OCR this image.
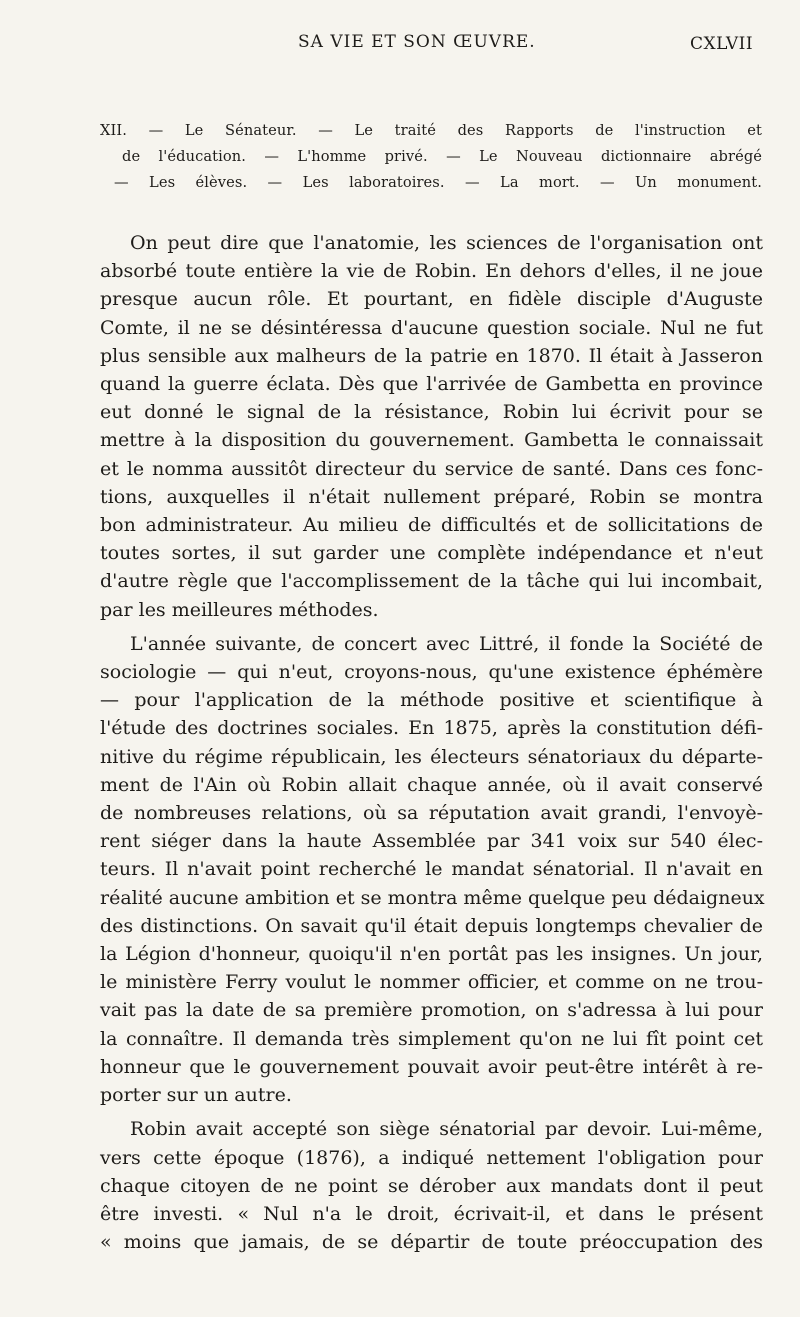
SA VIE ET SON ŒUVRE.	CXLVII
XII. — Le Sénateur. — Le traité des Rapports de l'instruction et
de l'éducation. — L'homme privé. — Le Nouveau dictionnaire abrégé
— Les élèves. — Les laboratoires. — La mort. — Un monument.

On peut dire que l'anatomie, les sciences de l'organisation ont
absorbé toute entière la vie de Robin. En dehors d'elles, il ne joue
presque aucun rôle. Et pourtant, en fidèle disciple d'Auguste
Comte, il ne se désintéressa d'aucune question sociale. Nul ne fut
plus sensible aux malheurs de la patrie en 1870. Il était à Jasseron
quand la guerre éclata. Dès que l'arrivée de Gambetta en province
eut donné le signal de la résistance, Robin lui écrivit pour se
mettre à la disposition du gouvernement. Gambetta le connaissait
et le nomma aussitôt directeur du service de santé. Dans ces fonc-
tions, auxquelles il n'était nullement préparé, Robin se montra
bon administrateur. Au milieu de difficultés et de sollicitations de
toutes sortes, il sut garder une complète indépendance et n'eut
d'autre règle que l'accomplissement de la tâche qui lui incombait,
par les meilleures méthodes.

L'année suivante, de concert avec Littré, il fonde la Société de
sociologie — qui n'eut, croyons-nous, qu'une existence éphémère
— pour l'application de la méthode positive et scientifique à
l'étude des doctrines sociales. En 1875, après la constitution défi-
nitive du régime républicain, les électeurs sénatoriaux du départe-
ment de l'Ain où Robin allait chaque année, où il avait conservé
de nombreuses relations, où sa réputation avait grandi, l'envoyè-
rent siéger dans la haute Assemblée par 341 voix sur 540 élec-
teurs. Il n'avait point recherché le mandat sénatorial. Il n'avait en
réalité aucune ambition et se montra même quelque peu dédaigneux
des distinctions. On savait qu'il était depuis longtemps chevalier de
la Légion d'honneur, quoiqu'il n'en portât pas les insignes. Un jour,
le ministère Ferry voulut le nommer officier, et comme on ne trou-
vait pas la date de sa première promotion, on s'adressa à lui pour
la connaître. Il demanda très simplement qu'on ne lui fît point cet
honneur que le gouvernement pouvait avoir peut-être intérêt à re-
porter sur un autre.

Robin avait accepté son siège sénatorial par devoir. Lui-même,
vers cette époque (1876), a indiqué nettement l'obligation pour
chaque citoyen de ne point se dérober aux mandats dont il peut
être investi. « Nul n'a le droit, écrivait-il, et dans le présent
« moins que jamais, de se départir de toute préoccupation des
